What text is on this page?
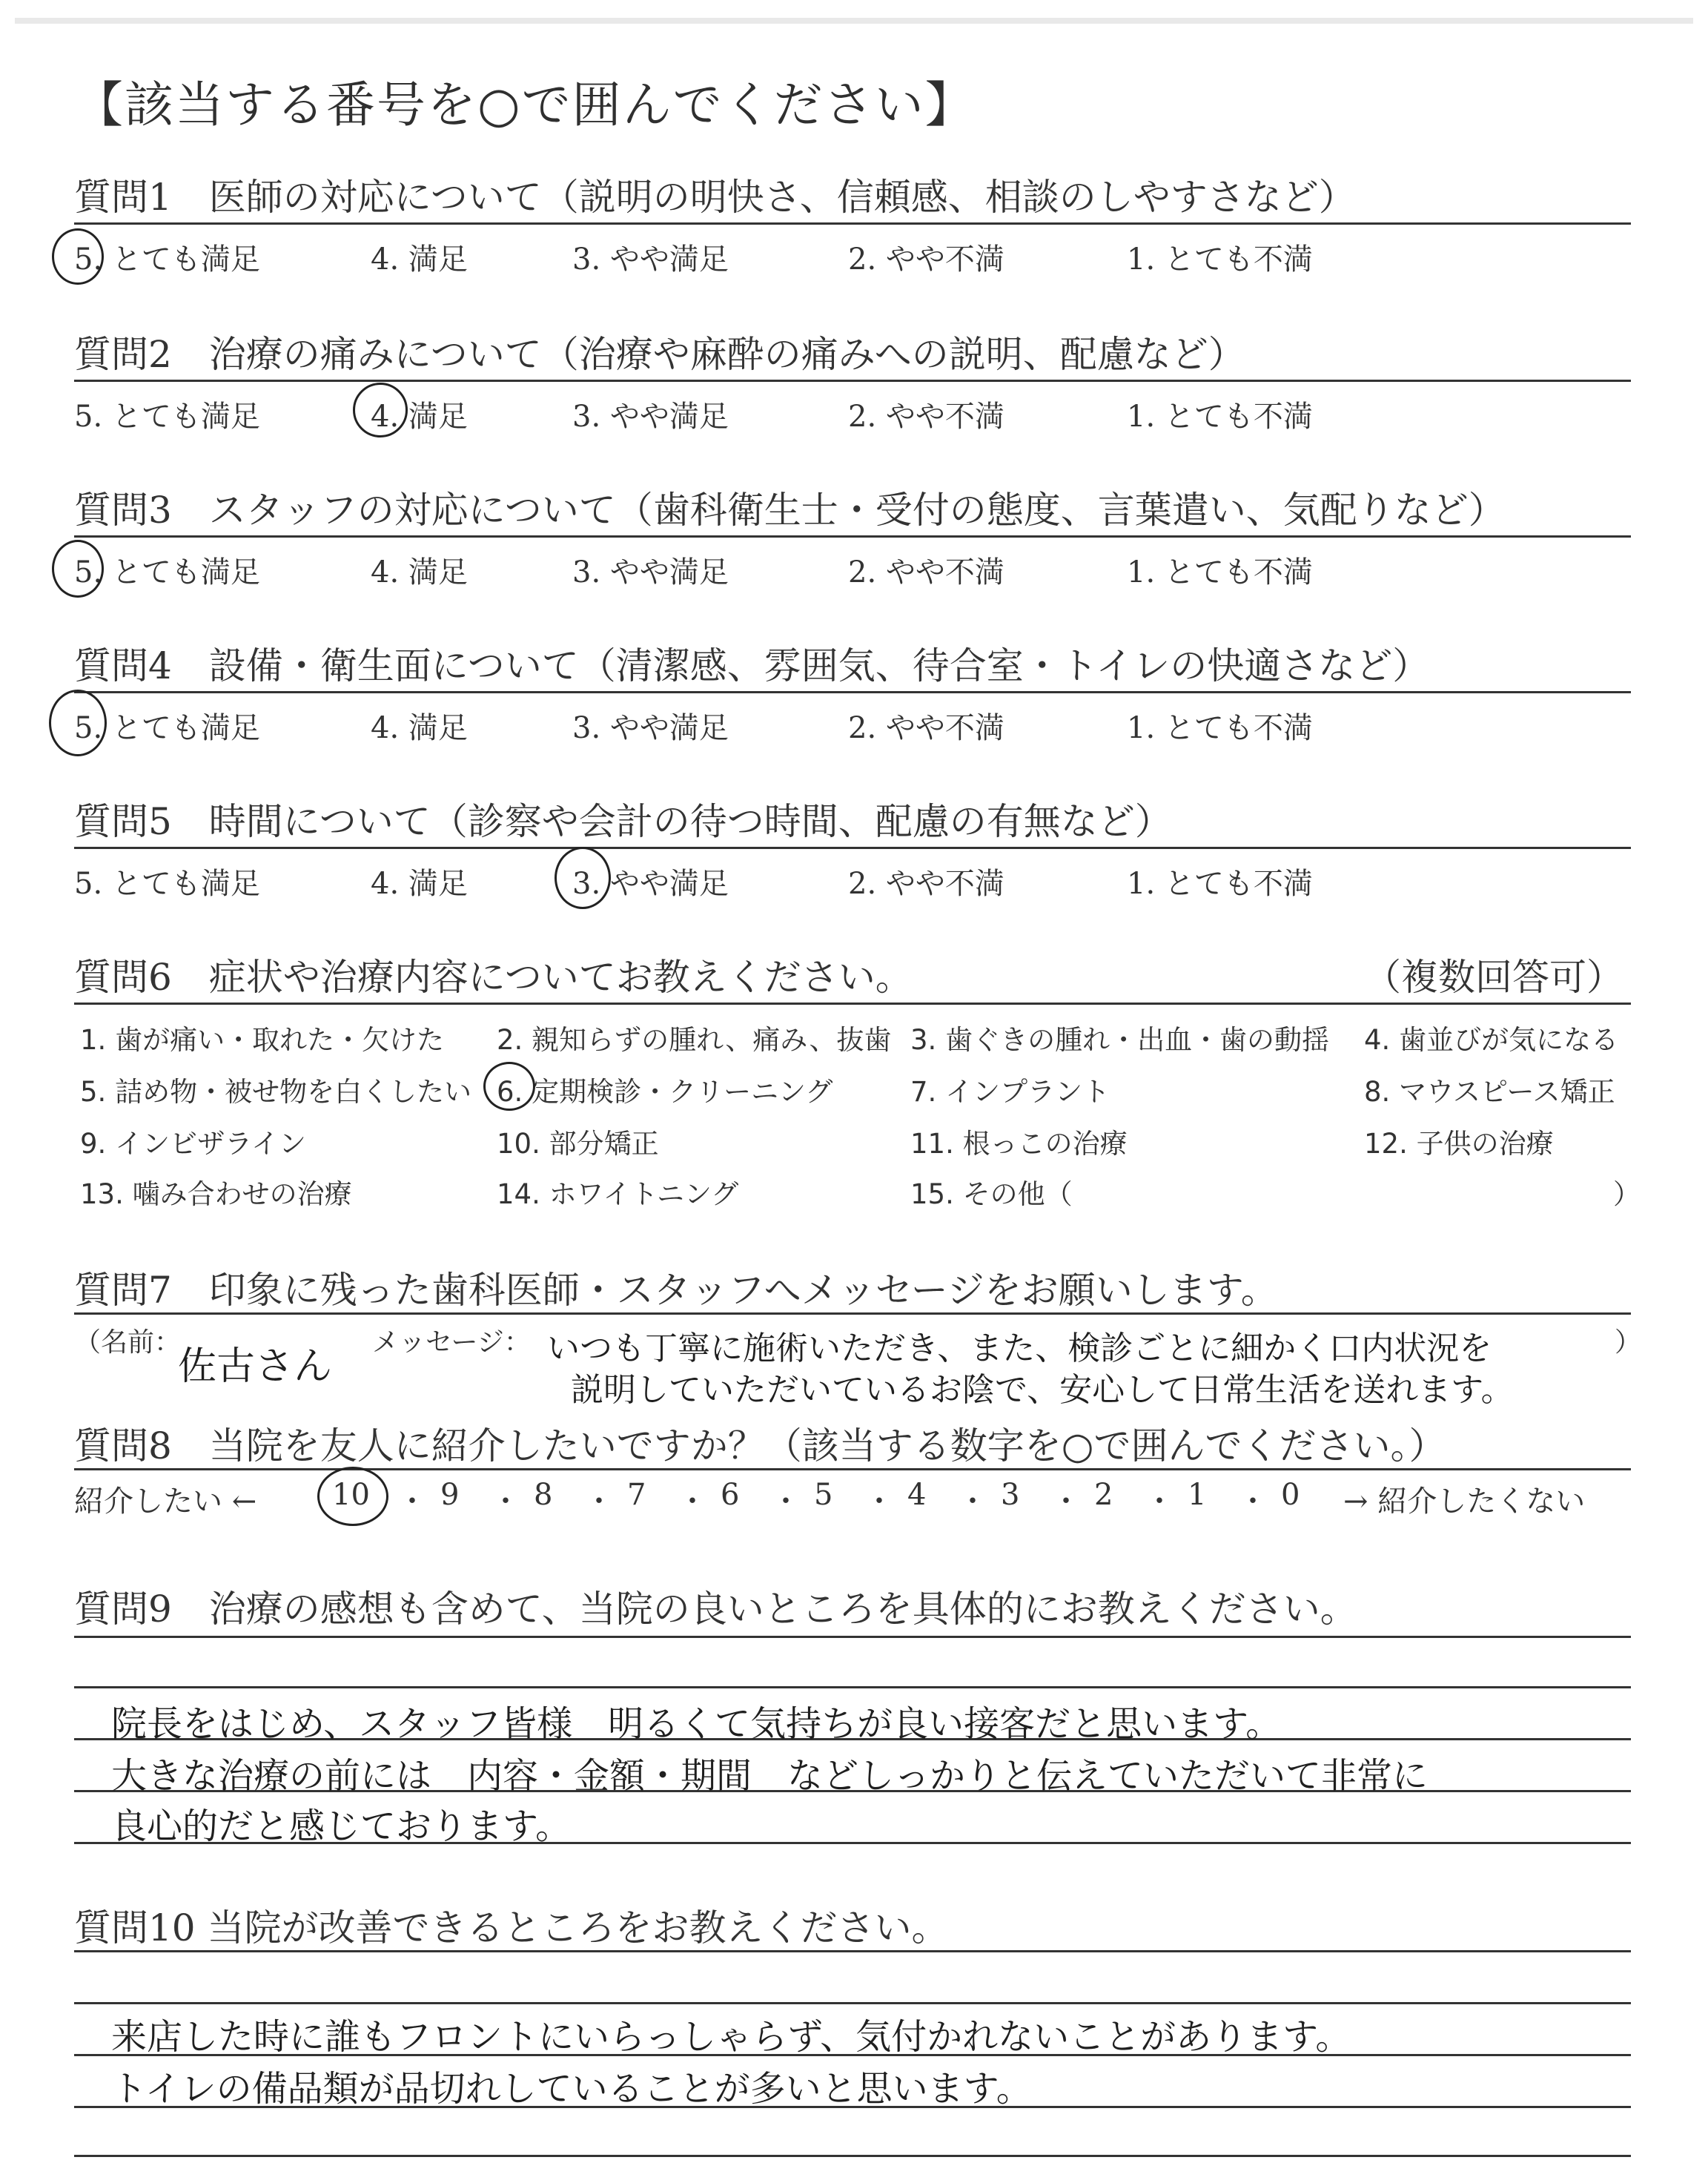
【該当する番号を○で囲んでください】
質問1　医師の対応について（説明の明快さ、信頼感、相談のしやすさなど）
5. とても満足	4. 満足	3. やや満足	2. やや不満	1. とても不満
質問2　治療の痛みについて（治療や麻酔の痛みへの説明、配慮など）
5. とても満足	4. 満足	3. やや満足	2. やや不満	1. とても不満
質問3　スタッフの対応について（歯科衛生士・受付の態度、言葉遣い、気配りなど）
5. とても満足	4. 満足	3. やや満足	2. やや不満	1. とても不満
質問4　設備・衛生面について（清潔感、雰囲気、待合室・トイレの快適さなど）
5. とても満足	4. 満足	3. やや満足	2. やや不満	1. とても不満
質問5　時間について（診察や会計の待つ時間、配慮の有無など）
5. とても満足	4. 満足	3. やや満足	2. やや不満	1. とても不満
質問6　症状や治療内容についてお教えください。	（複数回答可）
1. 歯が痛い・取れた・欠けた 2. 親知らずの腫れ、痛み、抜歯 3. 歯ぐきの腫れ・出血・歯の動揺 4. 歯並びが気になる
5. 詰め物・被せ物を白くしたい 6. 定期検診・クリーニング	7. インプラント	8. マウスピース矯正
9. インビザライン	10. 部分矯正	11. 根っこの治療	12. 子供の治療
13. 噛み合わせの治療	14. ホワイトニング	15. その他（	）
質問7　印象に残った歯科医師・スタッフへメッセージをお願いします。
（名前：
佐古さん
メッセージ： いつも丁寧に施術いただき、また、検診ごとに細かく口内状況を
説明していただいているお陰で、安心して日常生活を送れます。
）
質問8　当院を友人に紹介したいですか？（該当する数字を○で囲んでください。）
紹介したい ←	10 ・ 9 ・ 8 ・ 7 ・ 6 ・ 5 ・ 4 ・ 3 ・ 2 ・ 1 ・ 0 → 紹介したくない
質問9　治療の感想も含めて、当院の良いところを具体的にお教えください。
院長をはじめ、スタッフ皆様　明るくて気持ちが良い接客だと思います。
大きな治療の前には　内容・金額・期間　などしっかりと伝えていただいて非常に
良心的だと感じております。
質問10 当院が改善できるところをお教えください。
来店した時に誰もフロントにいらっしゃらず、気付かれないことがあります。
トイレの備品類が品切れしていることが多いと思います。
